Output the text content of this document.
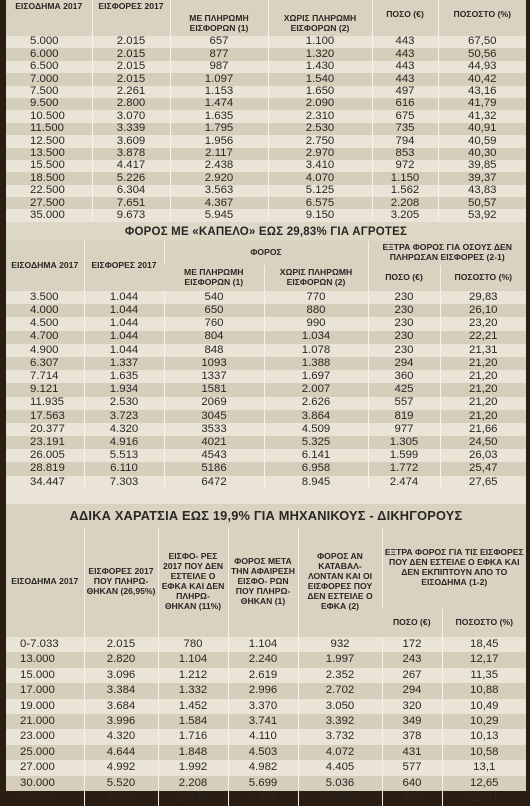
ΕΙΣΟΔΗΜΑ 2017	ΕΙΣΦΟΡΕΣ 2017	ΜΕ ΠΛΗΡΩΜΗ ΕΙΣΦΟΡΩΝ (1)	ΧΩΡΙΣ ΠΛΗΡΩΜΗ ΕΙΣΦΟΡΩΝ (2)	ΠΟΣΟ (€)	ΠΟΣΟΣΤΟ (%)
5.000	2.015	657	1.100	443	67,50
6.000	2.015	877	1.320	443	50,56
6.500	2.015	987	1.430	443	44,93
7.000	2.015	1.097	1.540	443	40,42
7.500	2.261	1.153	1.650	497	43,16
9.500	2.800	1.474	2.090	616	41,79
10.500	3.070	1.635	2.310	675	41,32
11.500	3.339	1.795	2.530	735	40,91
12.500	3.609	1.956	2.750	794	40,59
13.500	3.878	2.117	2.970	853	40,30
15.500	4.417	2.438	3.410	972	39,85
18.500	5.226	2.920	4.070	1.150	39,37
22.500	6.304	3.563	5.125	1.562	43,83
27.500	7.651	4.367	6.575	2.208	50,57
35.000	9.673	5.945	9.150	3.205	53,92
ΦΟΡΟΣ ΜΕ «ΚΑΠΕΛΟ» ΕΩΣ 29,83% ΓΙΑ ΑΓΡΟΤΕΣ
ΕΙΣΟΔΗΜΑ 2017	ΕΙΣΦΟΡΕΣ 2017	ΦΟΡΟΣ		ΕΞΤΡΑ ΦΟΡΟΣ ΓΙΑ ΟΣΟΥΣ ΔΕΝ ΠΛΗΡΩΣΑΝ ΕΙΣΦΟΡΕΣ (2-1)	
		ΜΕ ΠΛΗΡΩΜΗ ΕΙΣΦΟΡΩΝ (1)	ΧΩΡΙΣ ΠΛΗΡΩΜΗ ΕΙΣΦΟΡΩΝ (2)	ΠΟΣΟ (€)	ΠΟΣΟΣΤΟ (%)
3.500	1.044	540	770	230	29,83
4.000	1.044	650	880	230	26,10
4.500	1.044	760	990	230	23,20
4.700	1.044	804	1.034	230	22,21
4.900	1.044	848	1.078	230	21,31
6.307	1.337	1093	1.388	294	21,20
7.714	1.635	1337	1.697	360	21,20
9.121	1.934	1581	2.007	425	21,20
11.935	2.530	2069	2.626	557	21,20
17.563	3.723	3045	3.864	819	21,20
20.377	4.320	3533	4.509	977	21,66
23.191	4.916	4021	5.325	1.305	24,50
26.005	5.513	4543	6.141	1.599	26,03
28.819	6.110	5186	6.958	1.772	25,47
34.447	7.303	6472	8.945	2.474	27,65
ΑΔΙΚΑ ΧΑΡΑΤΣΙΑ ΕΩΣ 19,9% ΓΙΑ ΜΗΧΑΝΙΚΟΥΣ - ΔΙΚΗΓΟΡΟΥΣ
ΕΙΣΟΔΗΜΑ 2017	ΕΙΣΦΟΡΕΣ 2017 ΠΟΥ ΠΛΗΡΩ- ΘΗΚΑΝ (26,95%)	ΕΙΣΦΟ- ΡΕΣ 2017 ΠΟΥ ΔΕΝ ΕΣΤΕΙΛΕ Ο ΕΦΚΑ ΚΑΙ ΔΕΝ ΠΛΗΡΩ- ΘΗΚΑΝ (11%)	ΦΟΡΟΣ ΜΕΤΑ ΤΗΝ ΑΦΑΙΡΕΣΗ ΕΙΣΦΟ- ΡΩΝ ΠΟΥ ΠΛΗΡΩ- ΘΗΚΑΝ (1)	ΦΟΡΟΣ ΑΝ ΚΑΤΑΒΑΛ- ΛΟΝΤΑΝ ΚΑΙ ΟΙ ΕΙΣΦΟΡΕΣ ΠΟΥ ΔΕΝ ΕΣΤΕΙΛΕ Ο ΕΦΚΑ (2)	ΕΞΤΡΑ ΦΟΡΟΣ ΓΙΑ ΤΙΣ ΕΙΣΦΟΡΕΣ ΠΟΥ ΔΕΝ ΕΣΤΕΙΛΕ Ο ΕΦΚΑ ΚΑΙ ΔΕΝ ΕΚΠΙΠΤΟΥΝ ΑΠΟ ΤΟ ΕΙΣΟΔΗΜΑ (1-2)	
					ΠΟΣΟ (€)	ΠΟΣΟΣΤΟ (%)
0-7.033	2.015	780	1.104	932	172	18,45
13.000	2.820	1.104	2.240	1.997	243	12,17
15.000	3.096	1.212	2.619	2.352	267	11,35
17.000	3.384	1.332	2.996	2.702	294	10,88
19.000	3.684	1.452	3.370	3.050	320	10,49
21.000	3.996	1.584	3.741	3.392	349	10,29
23.000	4.320	1.716	4.110	3.732	378	10,13
25.000	4.644	1.848	4.503	4.072	431	10,58
27.000	4.992	1.992	4.982	4.405	577	13,1
30.000	5.520	2.208	5.699	5.036	640	12,65
33.000	6.084	2.436	6.406	5.699	707	12,41
